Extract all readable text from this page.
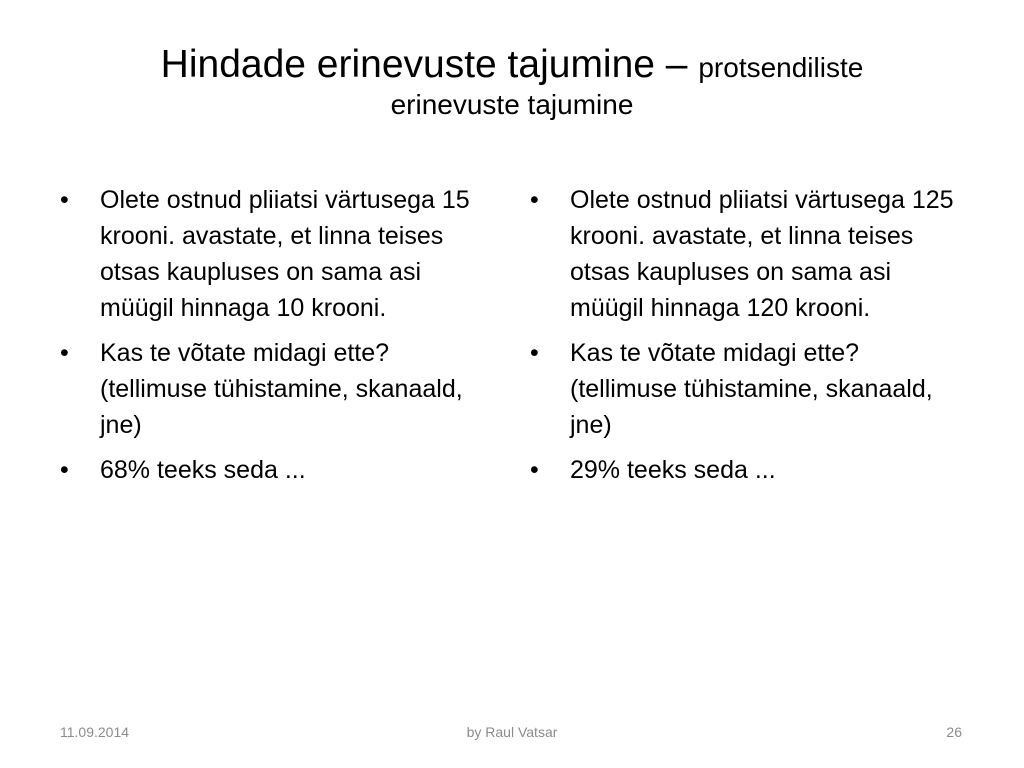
Hindade erinevuste tajumine – protsendiliste
erinevuste tajumine
•	Olete ostnud pliiatsi värtusega 15 krooni. avastate, et linna teises otsas kaupluses on sama asi müügil hinnaga 10 krooni.
•	Kas te võtate midagi ette? (tellimuse tühistamine, skanaald, jne)
•	68% teeks seda ...
•	Olete ostnud pliiatsi värtusega 125 krooni. avastate, et linna teises otsas kaupluses on sama asi müügil hinnaga 120 krooni.
•	Kas te võtate midagi ette? (tellimuse tühistamine, skanaald, jne)
•	29% teeks seda ...
11.09.2014	by Raul Vatsar	26
